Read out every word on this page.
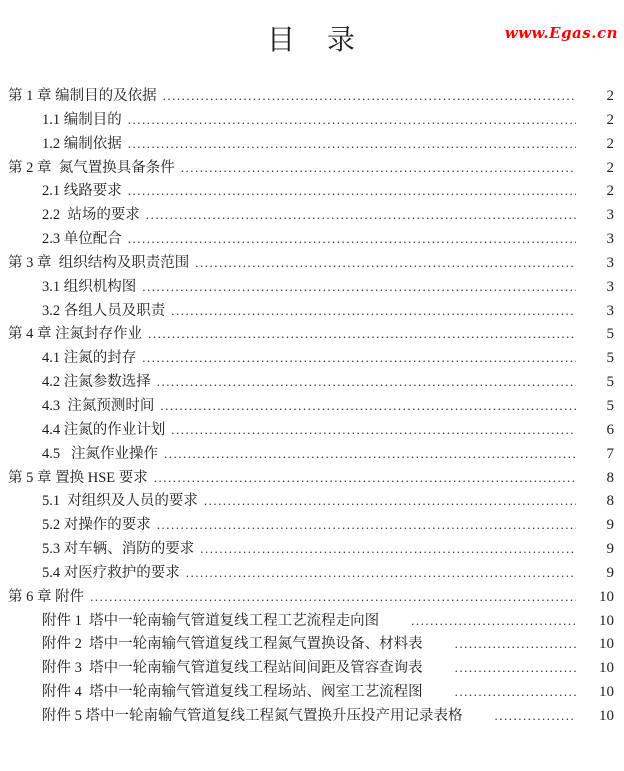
www.Egas.cn
目　录
第 1 章 编制目的及依据 .....	2
1.1 编制目的 .....	2
1.2 编制依据 .....	2
第 2 章  氮气置换具备条件 .....	2
2.1 线路要求 .....	2
2.2  站场的要求 .....	3
2.3 单位配合 .....	3
第 3 章  组织结构及职责范围 .....	3
3.1 组织机构图 .....	3
3.2 各组人员及职责 .....	3
第 4 章 注氮封存作业 .....	5
4.1 注氮的封存 .....	5
4.2 注氮参数选择 .....	5
4.3  注氮预测时间 .....	5
4.4 注氮的作业计划 .....	6
4.5   注氮作业操作 .....	7
第 5 章 置换 HSE 要求 .....	8
5.1  对组织及人员的要求 .....	8
5.2 对操作的要求 .....	9
5.3 对车辆、消防的要求 .....	9
5.4 对医疗救护的要求 .....	9
第 6 章 附件 .....	10
附件 1  塔中一轮南输气管道复线工程工艺流程走向图 .....	10
附件 2  塔中一轮南输气管道复线工程氮气置换设备、材料表 .....	10
附件 3  塔中一轮南输气管道复线工程站间间距及管容查询表 .....	10
附件 4  塔中一轮南输气管道复线工程场站、阀室工艺流程图 .....	10
附件 5 塔中一轮南输气管道复线工程氮气置换升压投产用记录表格 .....	10
